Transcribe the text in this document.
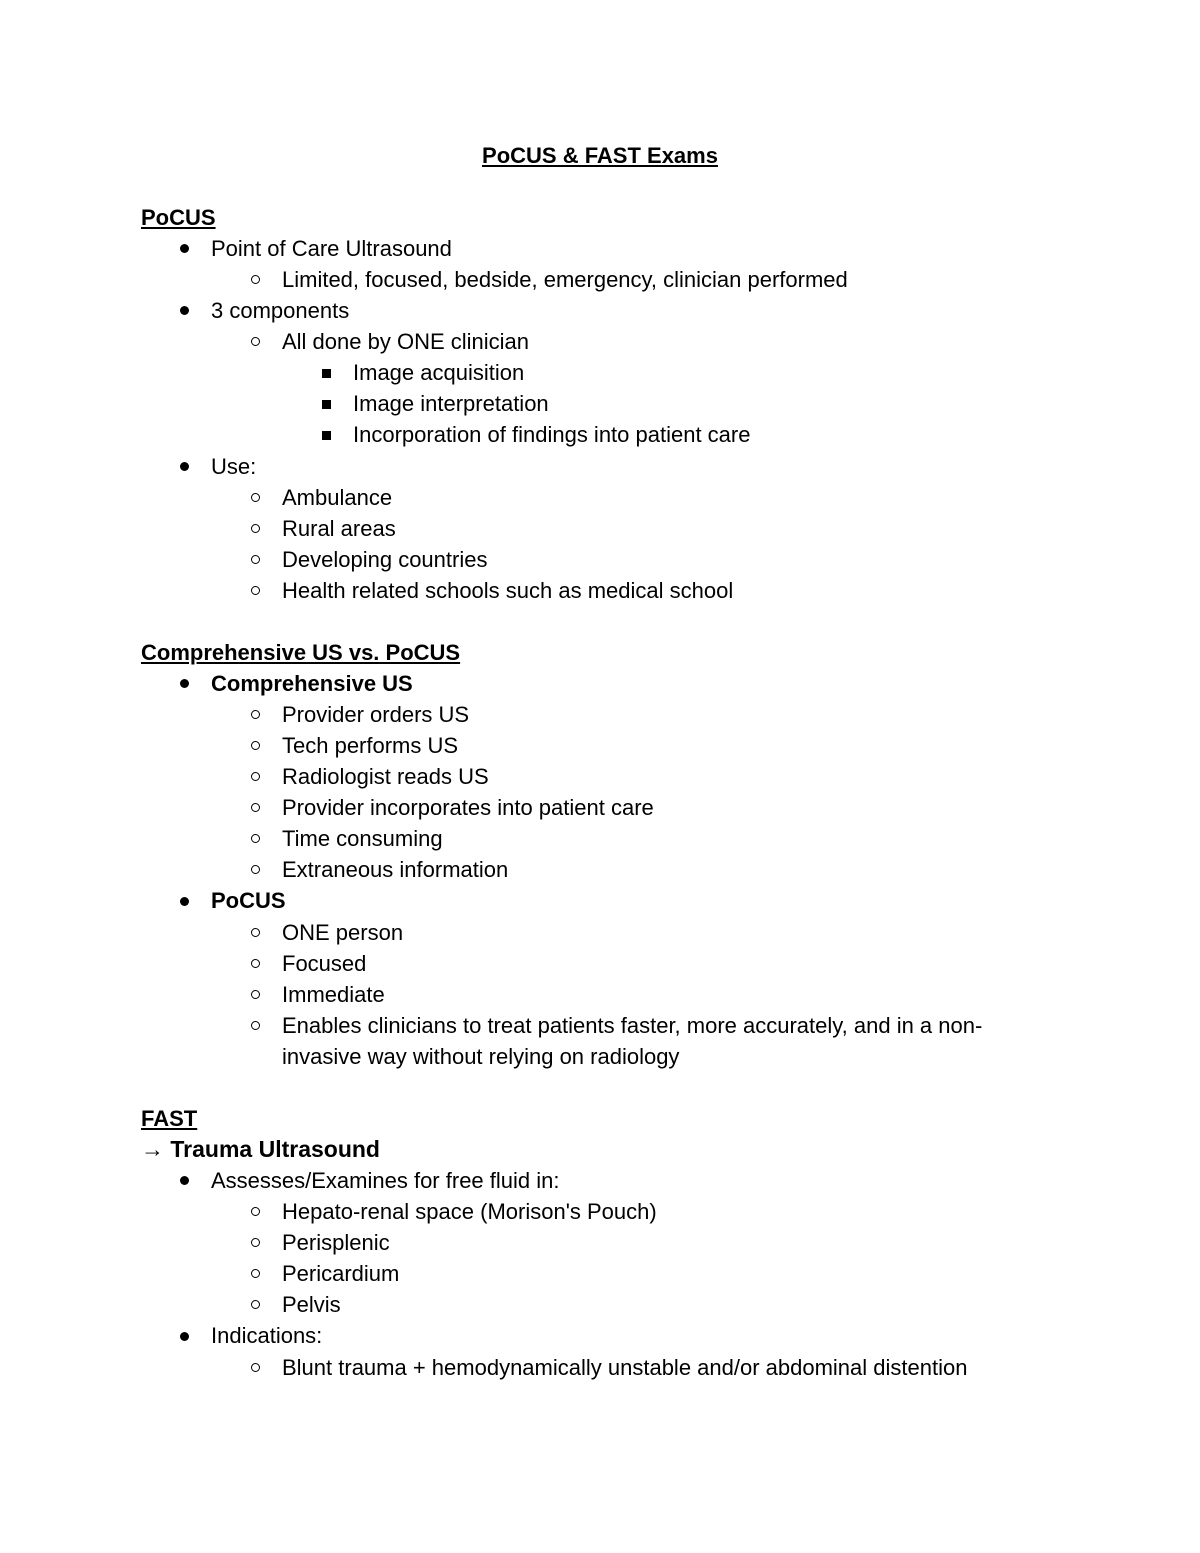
PoCUS & FAST Exams
PoCUS
Point of Care Ultrasound
Limited, focused, bedside, emergency, clinician performed
3 components
All done by ONE clinician
Image acquisition
Image interpretation
Incorporation of findings into patient care
Use:
Ambulance
Rural areas
Developing countries
Health related schools such as medical school
Comprehensive US vs. PoCUS
Comprehensive US
Provider orders US
Tech performs US
Radiologist reads US
Provider incorporates into patient care
Time consuming
Extraneous information
PoCUS
ONE person
Focused
Immediate
Enables clinicians to treat patients faster, more accurately, and in a non-
invasive way without relying on radiology
FAST
→ Trauma Ultrasound
Assesses/Examines for free fluid in:
Hepato-renal space (Morison's Pouch)
Perisplenic
Pericardium
Pelvis
Indications:
Blunt trauma + hemodynamically unstable and/or abdominal distention
